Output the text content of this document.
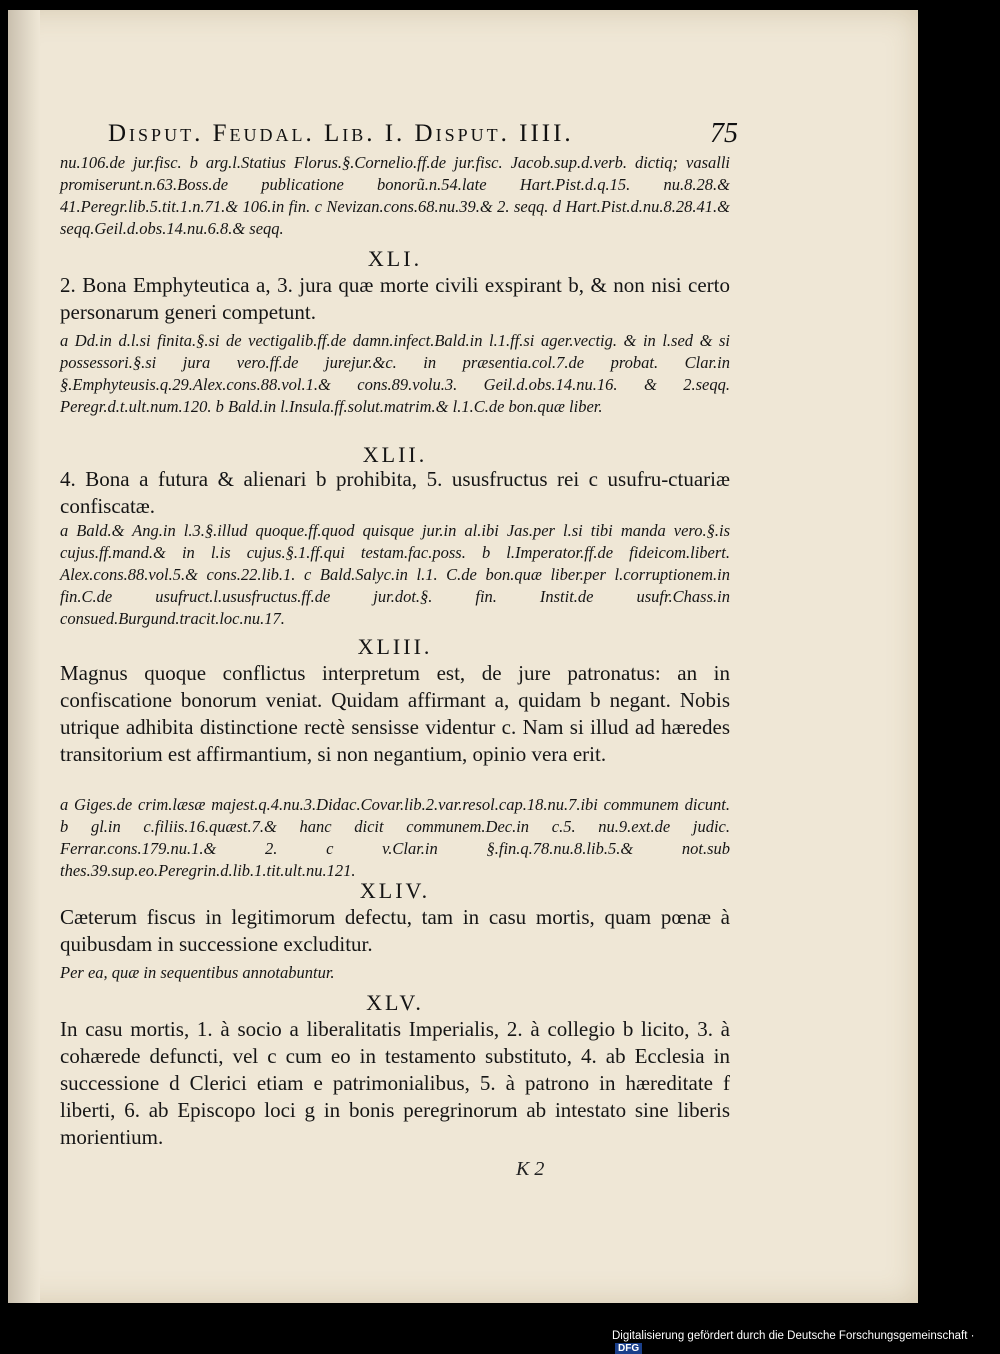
Disput. Feudal. Lib. I. Disput. IIII.	75

nu.106.de jur.fisc. b arg.l.Statius Florus.§.Cornelio.ff.de jur.fisc. Jacob.sup.d.verb. dictiq; vasalli promiserunt.n.63.Boss.de publicatione bonorũ.n.54.late Hart.Pist.d.q.15. nu.8.28.& 41.Peregr.lib.5.tit.1.n.71.& 106.in fin. c Nevizan.cons.68.nu.39.& 2. seqq. d Hart.Pist.d.nu.8.28.41.& seqq.Geil.d.obs.14.nu.6.8.& seqq.

XLI.

2. Bona Emphyteutica a, 3. jura quæ morte civili exspirant b, & non nisi certo personarum generi competunt.

a Dd.in d.l.si finita.§.si de vectigalib.ff.de damn.infect.Bald.in l.1.ff.si ager.vectig. & in l.sed & si possessori.§.si jura vero.ff.de jurejur.&c. in præsentia.col.7.de probat. Clar.in §.Emphyteusis.q.29.Alex.cons.88.vol.1.& cons.89.volu.3. Geil.d.obs.14.nu.16. & 2.seqq. Peregr.d.t.ult.num.120. b Bald.in l.Insula.ff.solut.matrim.& l.1.C.de bon.quæ liber.

XLII.

4. Bona a futura & alienari b prohibita, 5. ususfructus rei c usufru-ctuariæ confiscatæ.

a Bald.& Ang.in l.3.§.illud quoque.ff.quod quisque jur.in al.ibi Jas.per l.si tibi manda vero.§.is cujus.ff.mand.& in l.is cujus.§.1.ff.qui testam.fac.poss. b l.Imperator.ff.de fideicom.libert. Alex.cons.88.vol.5.& cons.22.lib.1. c Bald.Salyc.in l.1. C.de bon.quæ liber.per l.corruptionem.in fin.C.de usufruct.l.ususfructus.ff.de jur.dot.§. fin. Instit.de usufr.Chass.in consued.Burgund.tracit.loc.nu.17.

XLIII.

Magnus quoque conflictus interpretum est, de jure patronatus: an in confiscatione bonorum veniat. Quidam affirmant a, quidam b negant. Nobis utrique adhibita distinctione rectè sensisse videntur c. Nam si illud ad hæredes transitorium est affirmantium, si non negantium, opinio vera erit.

a Giges.de crim.læsæ majest.q.4.nu.3.Didac.Covar.lib.2.var.resol.cap.18.nu.7.ibi communem dicunt. b gl.in c.filiis.16.quæst.7.& hanc dicit communem.Dec.in c.5. nu.9.ext.de judic. Ferrar.cons.179.nu.1.& 2. c v.Clar.in §.fin.q.78.nu.8.lib.5.& not.sub thes.39.sup.eo.Peregrin.d.lib.1.tit.ult.nu.121.

XLIV.

Cæterum fiscus in legitimorum defectu, tam in casu mortis, quam pœnæ à quibusdam in successione excluditur.

Per ea, quæ in sequentibus annotabuntur.

XLV.

In casu mortis, 1. à socio a liberalitatis Imperialis, 2. à collegio b licito, 3. à cohærede defuncti, vel c cum eo in testamento substituto, 4. ab Ecclesia in successione d Clerici etiam e patrimonialibus, 5. à patrono in hæreditate f liberti, 6. ab Episcopo loci g in bonis peregrinorum ab intestato sine liberis morientium.

K 2
Digitalisierung gefördert durch die Deutsche Forschungsgemeinschaft ·DFG
